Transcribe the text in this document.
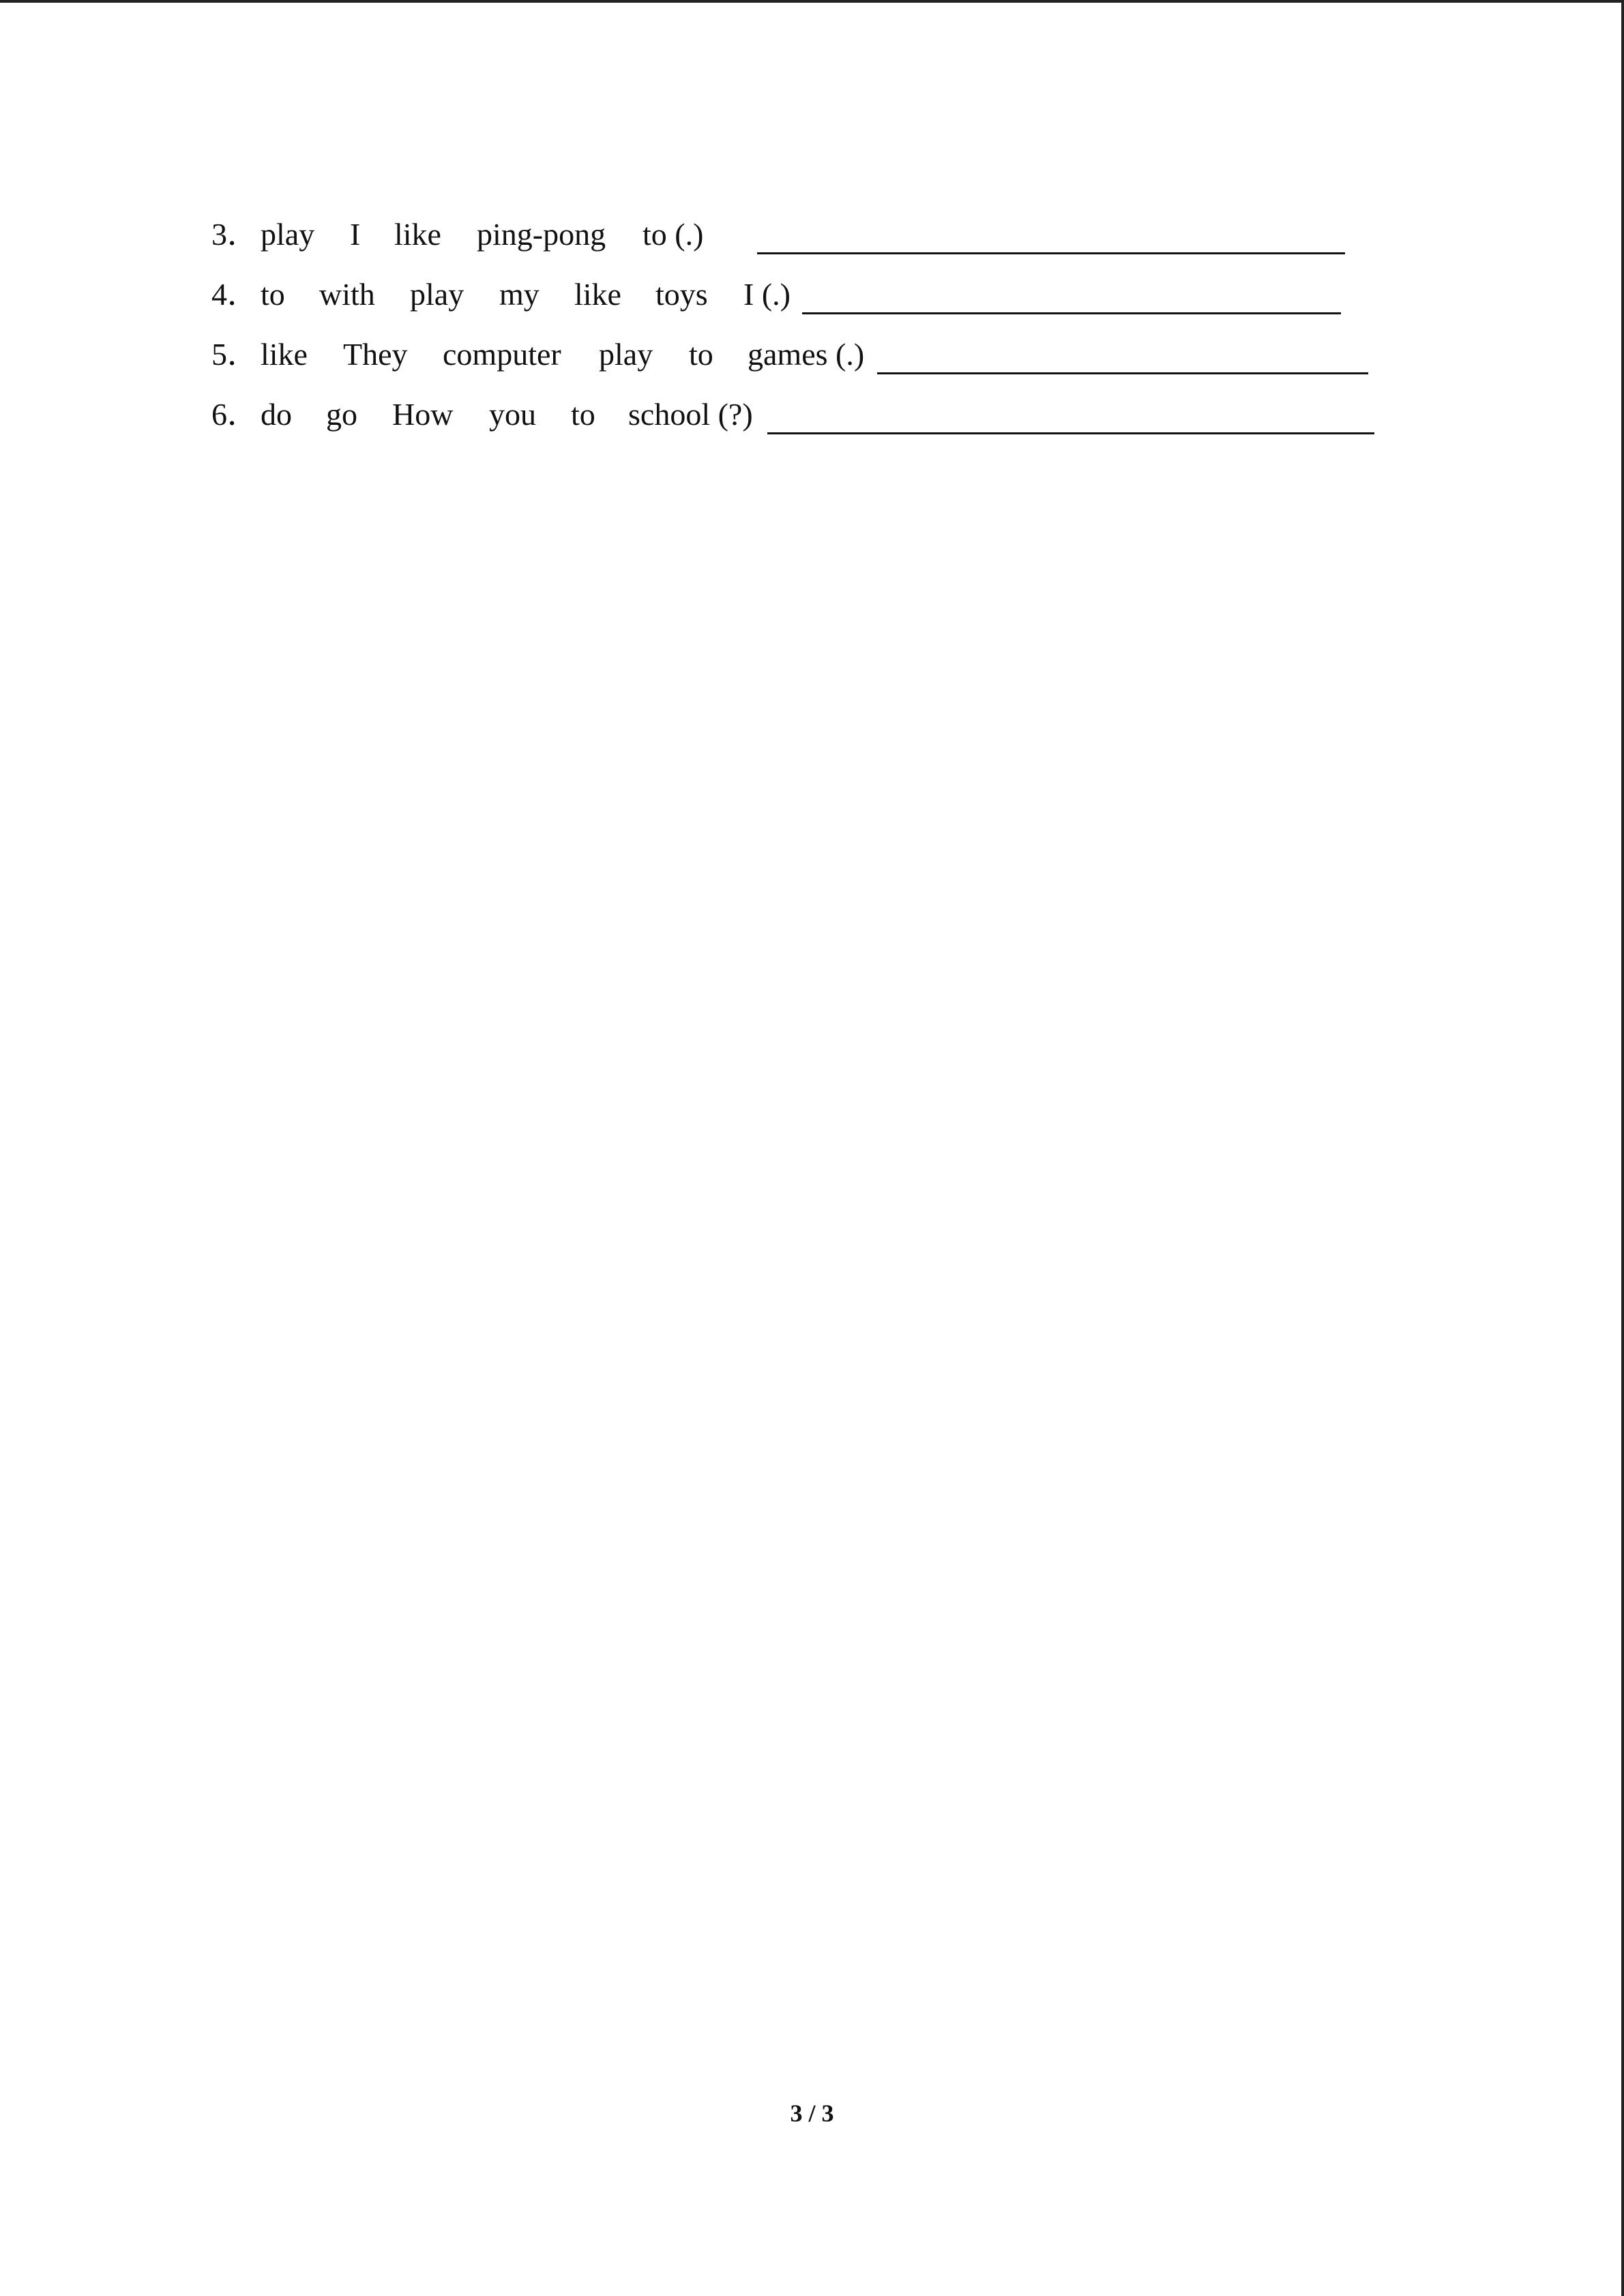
3． play I like ping-pong to (.)
4． to with play my like toys I (.)
5． like They computer play to games (.)
6． do go How you to school (?)
3 / 3
